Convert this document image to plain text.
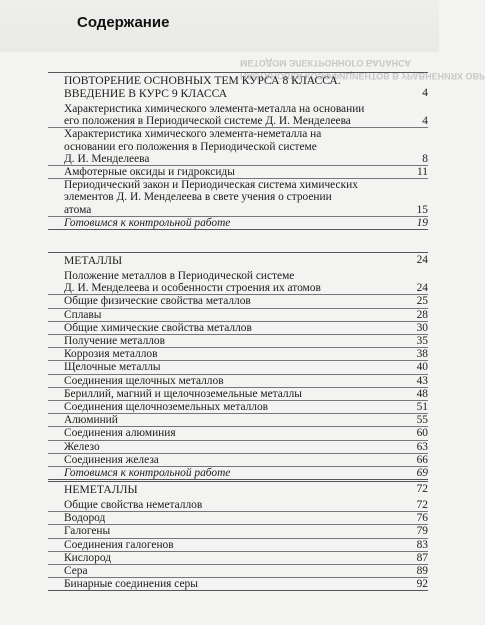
НАСТАНОВКА КОЭФФИЦИЕНТОВ В УРАВНЕНИЯХ ОВР
МЕТОДОМ ЭЛЕКТРОННОГО БАЛАНСА
Содержание
ПОВТОРЕНИЕ ОСНОВНЫХ ТЕМ КУРСА 8 КЛАССА.
ВВЕДЕНИЕ В КУРС 9 КЛАССА	4
Характеристика химического элемента-металла на основании
его положения в Периодической системе Д. И. Менделеева	4
Характеристика химического элемента-неметалла на
основании его положения в Периодической системе
Д. И. Менделеева	8
Амфотерные оксиды и гидроксиды	11
Периодический закон и Периодическая система химических
элементов Д. И. Менделеева в свете учения о строении
атома	15
Готовимся к контрольной работе	19
МЕТАЛЛЫ	24
Положение металлов в Периодической системе
Д. И. Менделеева и особенности строения их атомов	24
Общие физические свойства металлов	25
Сплавы	28
Общие химические свойства металлов	30
Получение металлов	35
Коррозия металлов	38
Щелочные металлы	40
Соединения щелочных металлов	43
Бериллий, магний и щелочноземельные металлы	48
Соединения щелочноземельных металлов	51
Алюминий	55
Соединения алюминия	60
Железо	63
Соединения железа	66
Готовимся к контрольной работе	69
НЕМЕТАЛЛЫ	72
Общие свойства неметаллов	72
Водород	76
Галогены	79
Соединения галогенов	83
Кислород	87
Сера	89
Бинарные соединения серы	92
